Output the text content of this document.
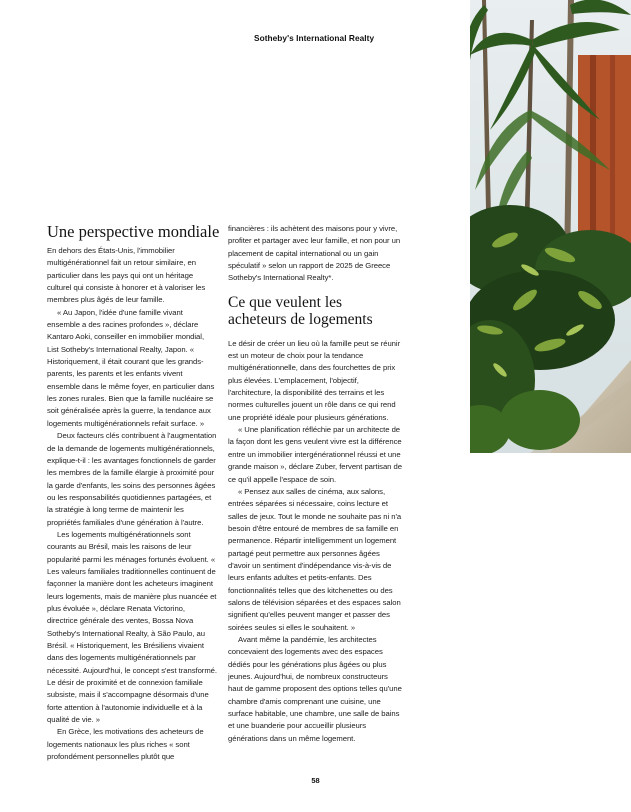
Sotheby's International Realty
Une perspective mondiale

En dehors des États-Unis, l'immobilier multigénérationnel fait un retour similaire, en particulier dans les pays qui ont un héritage culturel qui consiste à honorer et à valoriser les membres plus âgés de leur famille.

« Au Japon, l'idée d'une famille vivant ensemble a des racines profondes », déclare Kantaro Aoki, conseiller en immobilier mondial, List Sotheby's International Realty, Japon. « Historiquement, il était courant que les grands-parents, les parents et les enfants vivent ensemble dans le même foyer, en particulier dans les zones rurales. Bien que la famille nucléaire se soit généralisée après la guerre, la tendance aux logements multigénérationnels refait surface. »

Deux facteurs clés contribuent à l'augmentation de la demande de logements multigénérationnels, explique-t-il : les avantages fonctionnels de garder les membres de la famille élargie à proximité pour la garde d'enfants, les soins des personnes âgées ou les responsabilités quotidiennes partagées, et la stratégie à long terme de maintenir les propriétés familiales d'une génération à l'autre.

Les logements multigénérationnels sont courants au Brésil, mais les raisons de leur popularité parmi les ménages fortunés évoluent. « Les valeurs familiales traditionnelles continuent de façonner la manière dont les acheteurs imaginent leurs logements, mais de manière plus nuancée et plus évoluée », déclare Renata Victorino, directrice générale des ventes, Bossa Nova Sotheby's International Realty, à São Paulo, au Brésil. « Historiquement, les Brésiliens vivaient dans des logements multigénérationnels par nécessité. Aujourd'hui, le concept s'est transformé. Le désir de proximité et de connexion familiale subsiste, mais il s'accompagne désormais d'une forte attention à l'autonomie individuelle et à la qualité de vie. »

En Grèce, les motivations des acheteurs de logements nationaux les plus riches « sont profondément personnelles plutôt que

financières : ils achètent des maisons pour y vivre, profiter et partager avec leur famille, et non pour un placement de capital international ou un gain spéculatif » selon un rapport de 2025 de Greece Sotheby's International Realty*.

Ce que veulent les acheteurs de logements

Le désir de créer un lieu où la famille peut se réunir est un moteur de choix pour la tendance multigénérationnelle, dans des fourchettes de prix plus élevées. L'emplacement, l'objectif, l'architecture, la disponibilité des terrains et les normes culturelles jouent un rôle dans ce qui rend une propriété idéale pour plusieurs générations.

« Une planification réfléchie par un architecte de la façon dont les gens veulent vivre est la différence entre un immobilier intergénérationnel réussi et une grande maison », déclare Zuber, fervent partisan de ce qu'il appelle l'espace de soin.

« Pensez aux salles de cinéma, aux salons, entrées séparées si nécessaire, coins lecture et salles de jeux. Tout le monde ne souhaite pas ni n'a besoin d'être entouré de membres de sa famille en permanence. Répartir intelligemment un logement partagé peut permettre aux personnes âgées d'avoir un sentiment d'indépendance vis-à-vis de leurs enfants adultes et petits-enfants. Des fonctionnalités telles que des kitchenettes ou des salons de télévision séparées et des espaces salon signifient qu'elles peuvent manger et passer des soirées seules si elles le souhaitent. »

Avant même la pandémie, les architectes concevaient des logements avec des espaces dédiés pour les générations plus âgées ou plus jeunes. Aujourd'hui, de nombreux constructeurs haut de gamme proposent des options telles qu'une chambre d'amis comprenant une cuisine, une surface habitable, une chambre, une salle de bains et une buanderie pour accueillir plusieurs générations dans un même logement.

58
